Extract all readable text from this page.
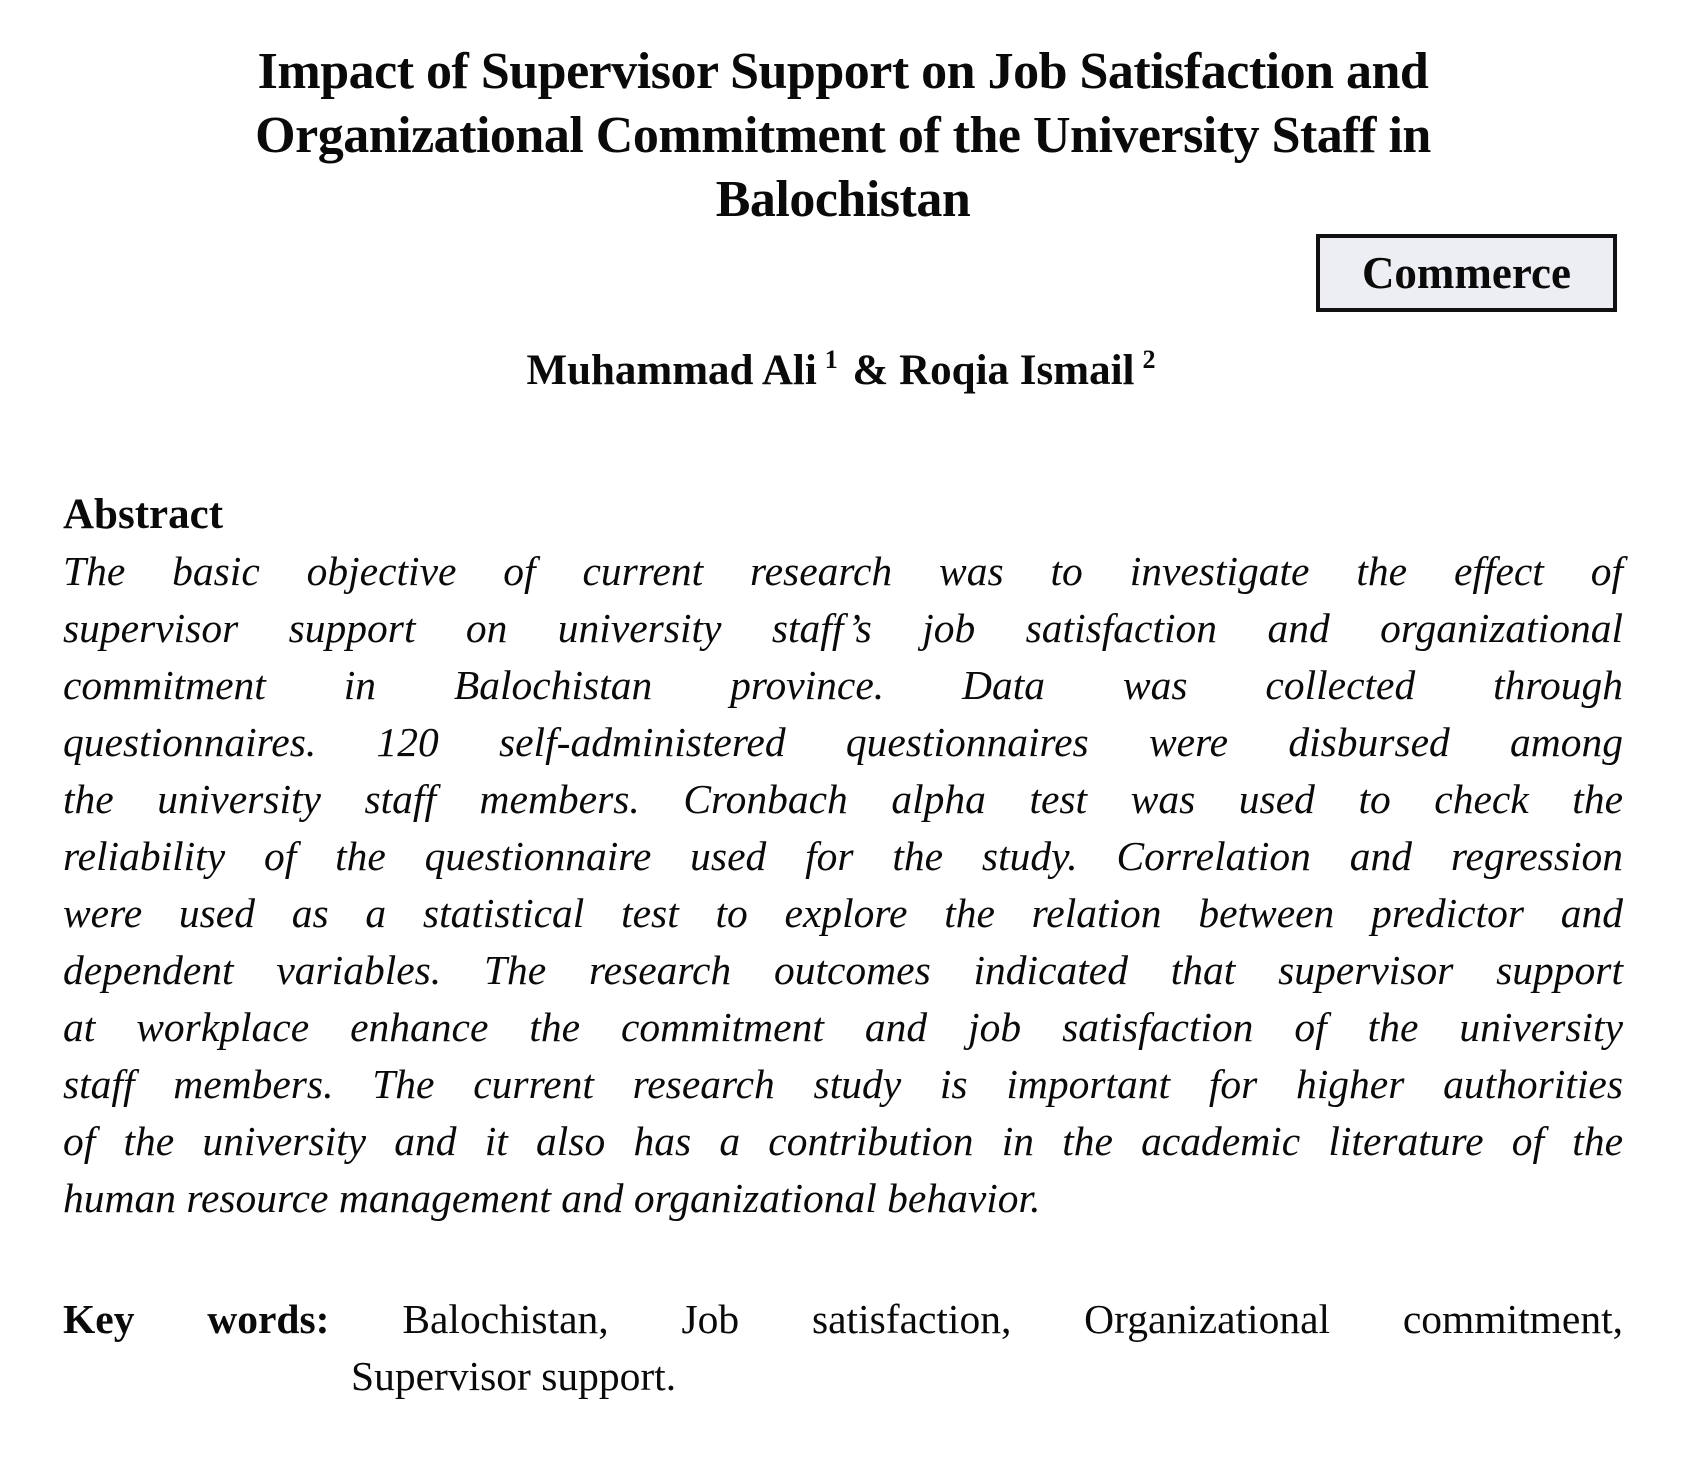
Impact of Supervisor Support on Job Satisfaction and
Organizational Commitment of the University Staff in
Balochistan
Commerce
Muhammad Ali $^1$ & Roqia Ismail $^2$
Abstract
The basic objective of current research was to investigate the effect of
supervisor support on university staff’s job satisfaction and organizational
commitment in Balochistan province. Data was collected through
questionnaires. 120 self-administered questionnaires were disbursed among
the university staff members. Cronbach alpha test was used to check the
reliability of the questionnaire used for the study. Correlation and regression
were used as a statistical test to explore the relation between predictor and
dependent variables. The research outcomes indicated that supervisor support
at workplace enhance the commitment and job satisfaction of the university
staff members. The current research study is important for higher authorities
of the university and it also has a contribution in the academic literature of the
human resource management and organizational behavior.
Key words: Balochistan, Job satisfaction, Organizational commitment,
Supervisor support.
